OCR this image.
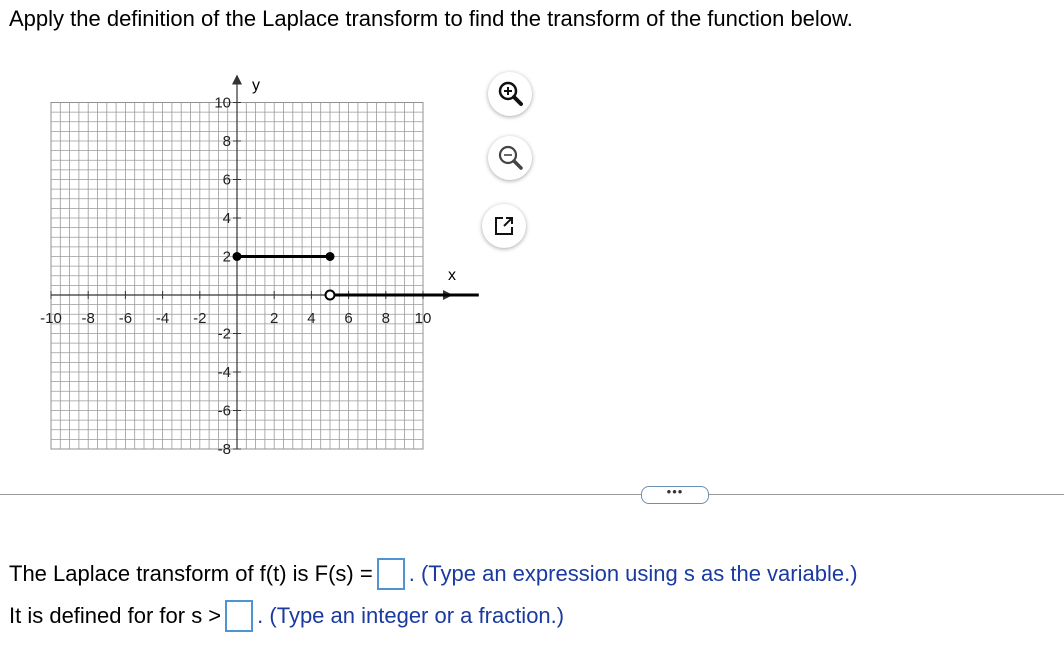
Apply the definition of the Laplace transform to find the transform of the function below.
-10 -8 -6 -4 -2	2 4 6 8 10
10
8
6
4
2
-2
-4
-6
-8
x
y
•••
The Laplace transform of f(t) is F(s) = . (Type an expression using s as the variable.)
It is defined for for s > . (Type an integer or a fraction.)
